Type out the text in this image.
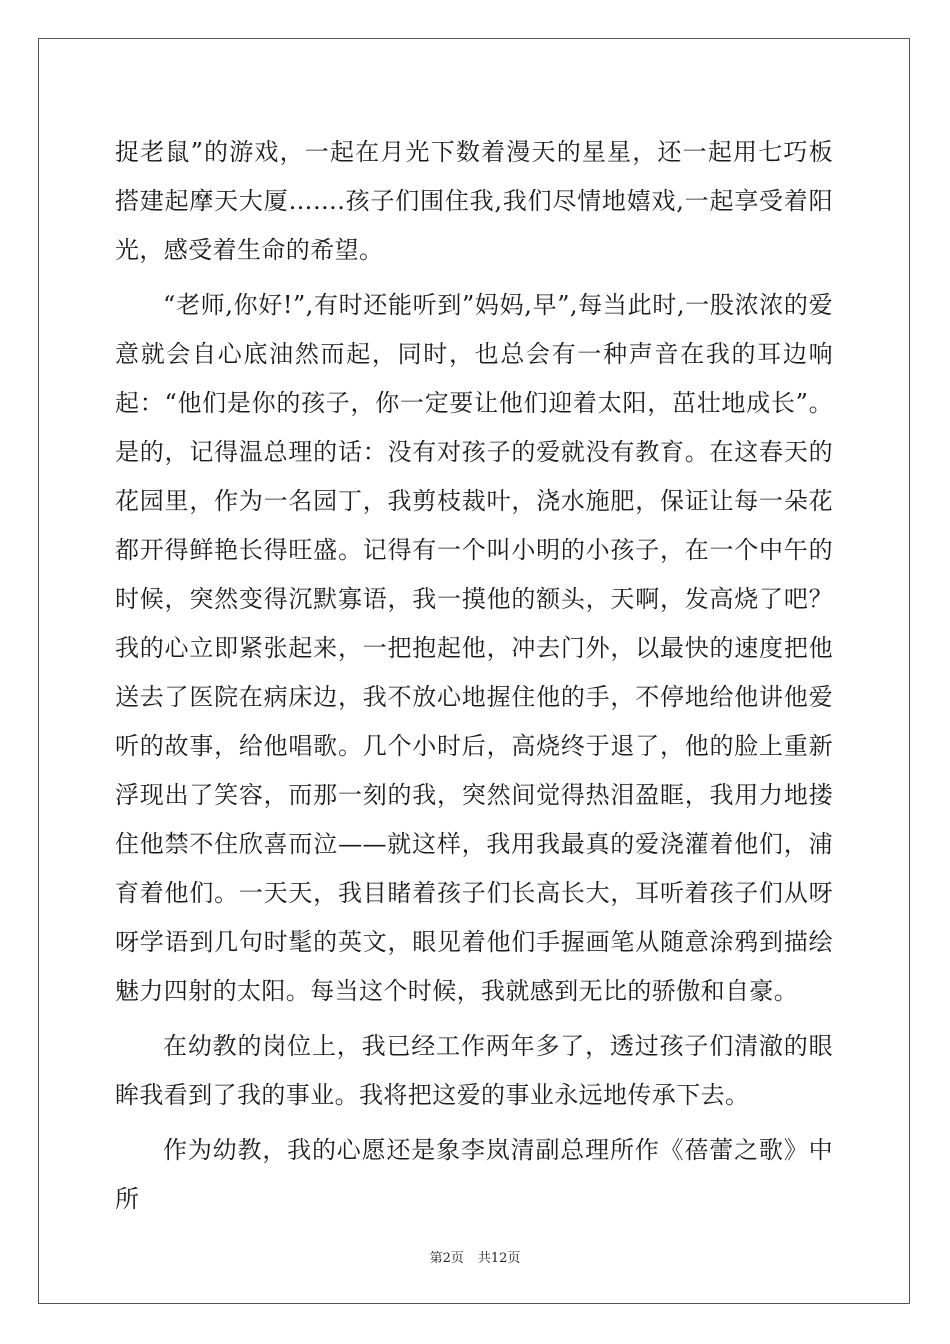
捉老鼠”的游戏，一起在月光下数着漫天的星星，还一起用七巧板搭建起摩天大厦…….孩子们围住我,我们尽情地嬉戏,一起享受着阳光，感受着生命的希望。

“老师,你好!”,有时还能听到”妈妈,早”,每当此时,一股浓浓的爱意就会自心底油然而起，同时，也总会有一种声音在我的耳边响起：“他们是你的孩子，你一定要让他们迎着太阳，茁壮地成长”。是的，记得温总理的话：没有对孩子的爱就没有教育。在这春天的花园里，作为一名园丁，我剪枝裁叶，浇水施肥，保证让每一朵花都开得鲜艳长得旺盛。记得有一个叫小明的小孩子，在一个中午的时候，突然变得沉默寡语，我一摸他的额头，天啊，发高烧了吧？我的心立即紧张起来，一把抱起他，冲去门外，以最快的速度把他送去了医院在病床边，我不放心地握住他的手，不停地给他讲他爱听的故事，给他唱歌。几个小时后，高烧终于退了，他的脸上重新浮现出了笑容，而那一刻的我，突然间觉得热泪盈眶，我用力地搂住他禁不住欣喜而泣——就这样，我用我最真的爱浇灌着他们，浦育着他们。一天天，我目睹着孩子们长高长大，耳听着孩子们从呀呀学语到几句时髦的英文，眼见着他们手握画笔从随意涂鸦到描绘魅力四射的太阳。每当这个时候，我就感到无比的骄傲和自豪。

在幼教的岗位上，我已经工作两年多了，透过孩子们清澈的眼眸我看到了我的事业。我将把这爱的事业永远地传承下去。

作为幼教，我的心愿还是象李岚清副总理所作《蓓蕾之歌》中所

第2页 共12页
